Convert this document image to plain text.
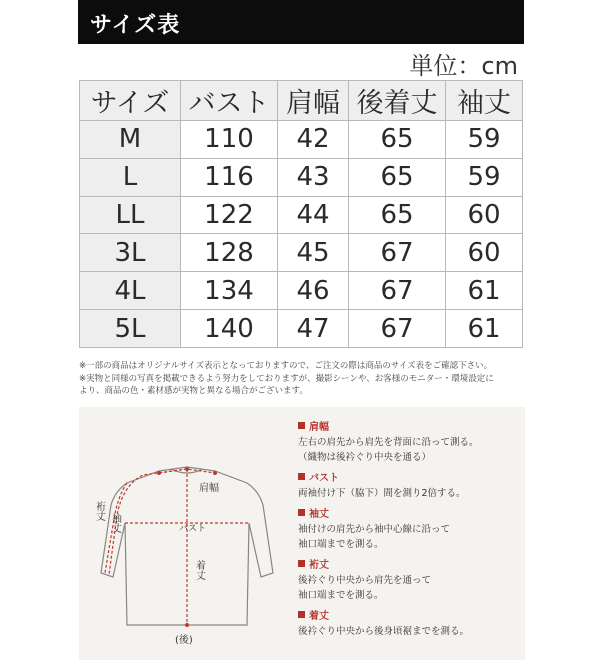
サイズ表
単位：cm
サイズ	バスト	肩幅	後着丈	袖丈
M	110	42	65	59
L	116	43	65	59
LL	122	44	65	60
3L	128	45	67	60
4L	134	46	67	61
5L	140	47	67	61
※一部の商品はオリジナルサイズ表示となっておりますので、ご注文の際は商品のサイズ表をご確認下さい。
※実物と同様の写真を掲載できるよう努力をしておりますが、撮影シーンや、お客様のモニター・環境設定に
より、商品の色・素材感が実物と異なる場合がございます。
肩幅
バスト
着丈
裄丈
袖丈
(後)
肩幅
左右の肩先から肩先を背面に沿って測る。
（織物は後衿ぐり中央を通る）
バスト
両袖付け下（脇下）間を測り2倍する。
袖丈
袖付けの肩先から袖中心線に沿って
袖口端までを測る。
裄丈
後衿ぐり中央から肩先を通って
袖口端までを測る。
着丈
後衿ぐり中央から後身頃裾までを測る。
